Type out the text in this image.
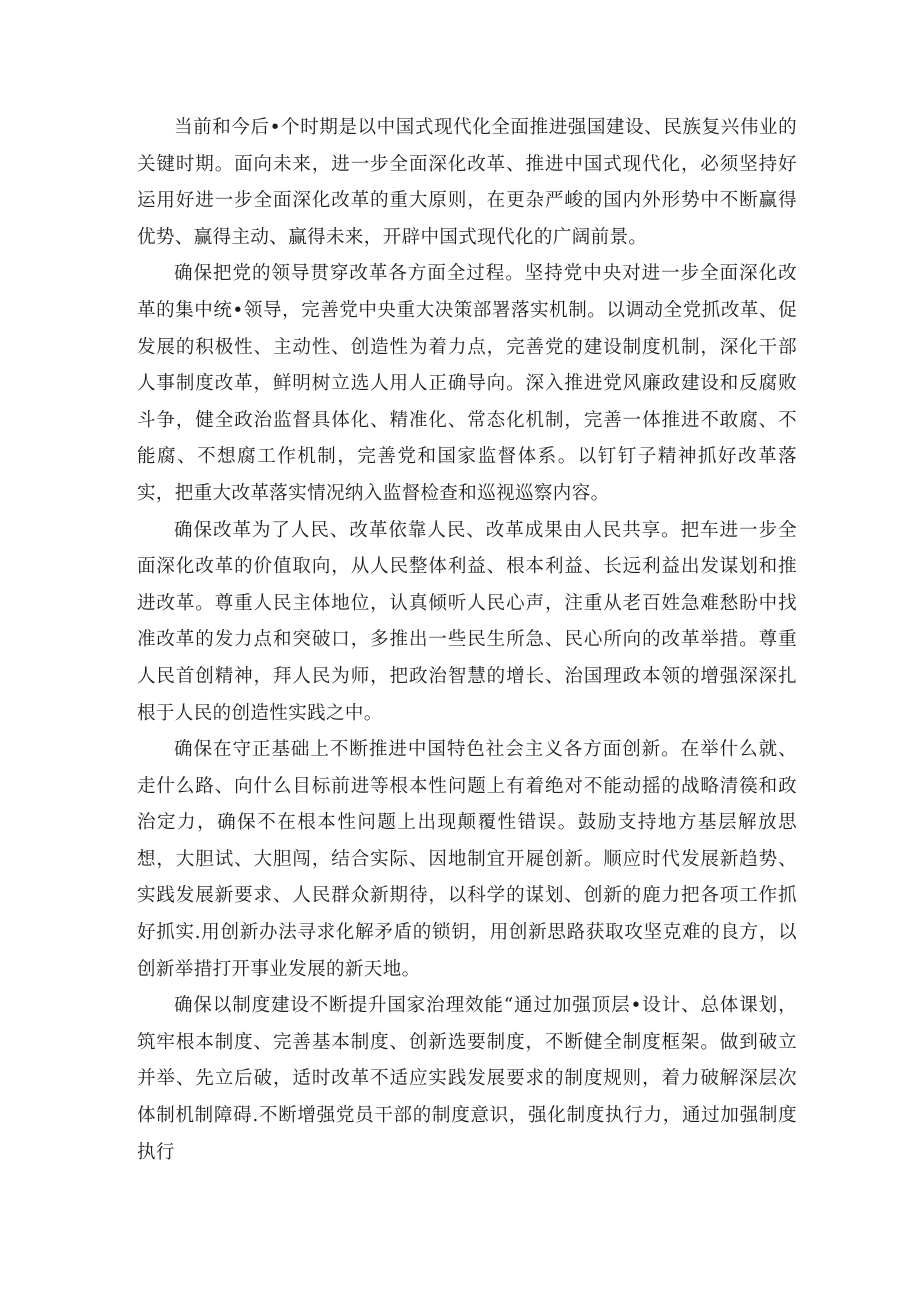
当前和今后•个时期是以中国式现代化全面推进强国建设、民族复兴伟业的关键时期。面向未来，进一步全面深化改革、推进中国式现代化，必须坚持好运用好进一步全面深化改革的重大原则，在更杂严峻的国内外形势中不断赢得优势、赢得主动、赢得未来，开辟中国式现代化的广阔前景。

确保把党的领导贯穿改革各方面全过程。坚持党中央对进一步全面深化改革的集中统•领导，完善党中央重大决策部署落实机制。以调动全党抓改革、促发展的积极性、主动性、创造性为着力点，完善党的建设制度机制，深化干部人事制度改革，鲜明树立选人用人正确导向。深入推进党风廉政建设和反腐败斗争，健全政治监督具体化、精准化、常态化机制，完善一体推进不敢腐、不能腐、不想腐工作机制，完善党和国家监督体系。以钉钉子精神抓好改革落实，把重大改革落实情况纳入监督检查和巡视巡察内容。

确保改革为了人民、改革依靠人民、改革成果由人民共享。把车进一步全面深化改革的价值取向，从人民整体利益、根本利益、长远利益出发谋划和推进改革。尊重人民主体地位，认真倾听人民心声，注重从老百姓急难愁盼中找准改革的发力点和突破口，多推出一些民生所急、民心所向的改革举措。尊重人民首创精神，拜人民为师，把政治智慧的增长、治国理政本领的增强深深扎根于人民的创造性实践之中。

确保在守正基础上不断推进中国特色社会主义各方面创新。在举什么就、走什么路、向什么目标前进等根本性问题上有着绝对不能动摇的战略清篌和政治定力，确保不在根本性问题上出现颠覆性错误。鼓励支持地方基层解放思想，大胆试、大胆闯，结合实际、因地制宜开屣创新。顺应时代发展新趋势、实践发展新要求、人民群众新期待，以科学的谋划、创新的鹿力把各项工作抓好抓实.用创新办法寻求化解矛盾的锁钥，用创新思路获取攻坚克难的良方，以创新举措打开事业发展的新天地。

确保以制度建设不断提升国家治理效能“通过加强顶层•设计、总体课划，筑牢根本制度、完善基本制度、创新选要制度，不断健全制度框架。做到破立并举、先立后破，适时改革不适应实践发展要求的制度规则，着力破解深层次体制机制障碍.不断增强党员干部的制度意识，强化制度执行力，通过加强制度执行
